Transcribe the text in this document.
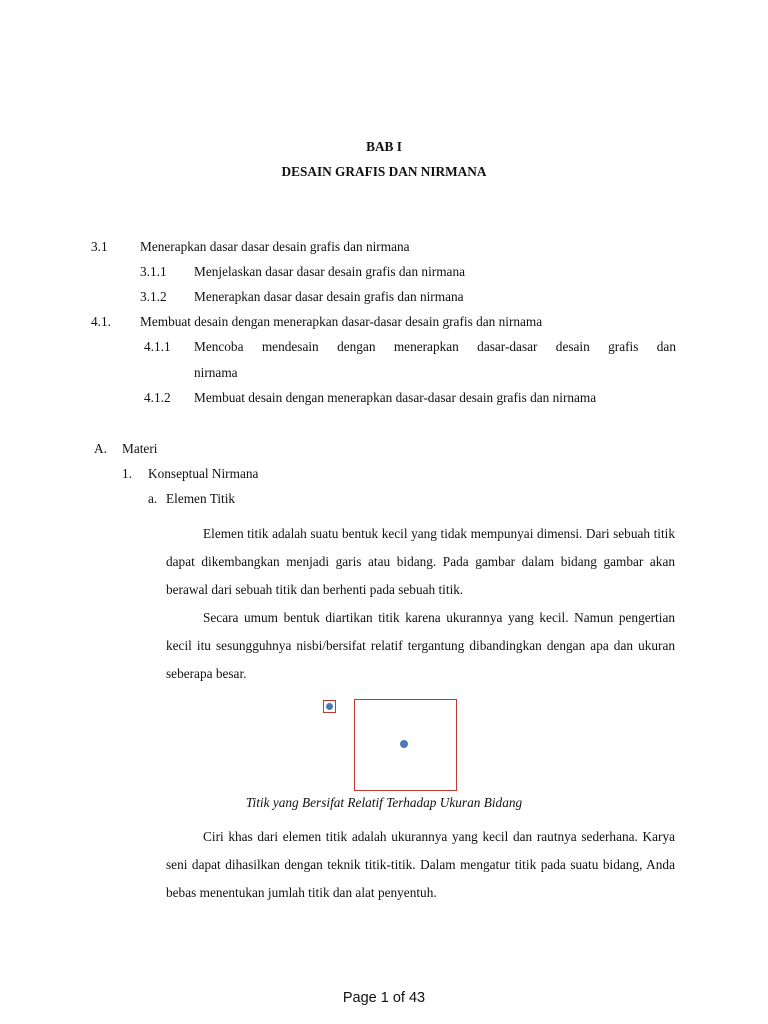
BAB I
DESAIN GRAFIS DAN NIRMANA
3.1 Menerapkan dasar dasar desain grafis dan nirmana
3.1.1 Menjelaskan dasar dasar desain grafis dan nirmana
3.1.2 Menerapkan dasar dasar desain grafis dan nirmana
4.1. Membuat desain dengan menerapkan dasar-dasar desain grafis dan nirnama
4.1.1 Mencoba mendesain dengan menerapkan dasar-dasar desain grafis dan
nirnama
4.1.2 Membuat desain dengan menerapkan dasar-dasar desain grafis dan nirnama
A. Materi
1. Konseptual Nirmana
a. Elemen Titik
Elemen titik adalah suatu bentuk kecil yang tidak mempunyai dimensi. Dari sebuah titik dapat dikembangkan menjadi garis atau bidang. Pada gambar dalam bidang gambar akan berawal dari sebuah titik dan berhenti pada sebuah titik.
Secara umum bentuk diartikan titik karena ukurannya yang kecil. Namun pengertian kecil itu sesungguhnya nisbi/bersifat relatif tergantung dibandingkan dengan apa dan ukuran seberapa besar.
Titik yang Bersifat Relatif Terhadap Ukuran Bidang
Ciri khas dari elemen titik adalah ukurannya yang kecil dan rautnya sederhana. Karya seni dapat dihasilkan dengan teknik titik-titik. Dalam mengatur titik pada suatu bidang, Anda bebas menentukan jumlah titik dan alat penyentuh.
Page 1 of 43
